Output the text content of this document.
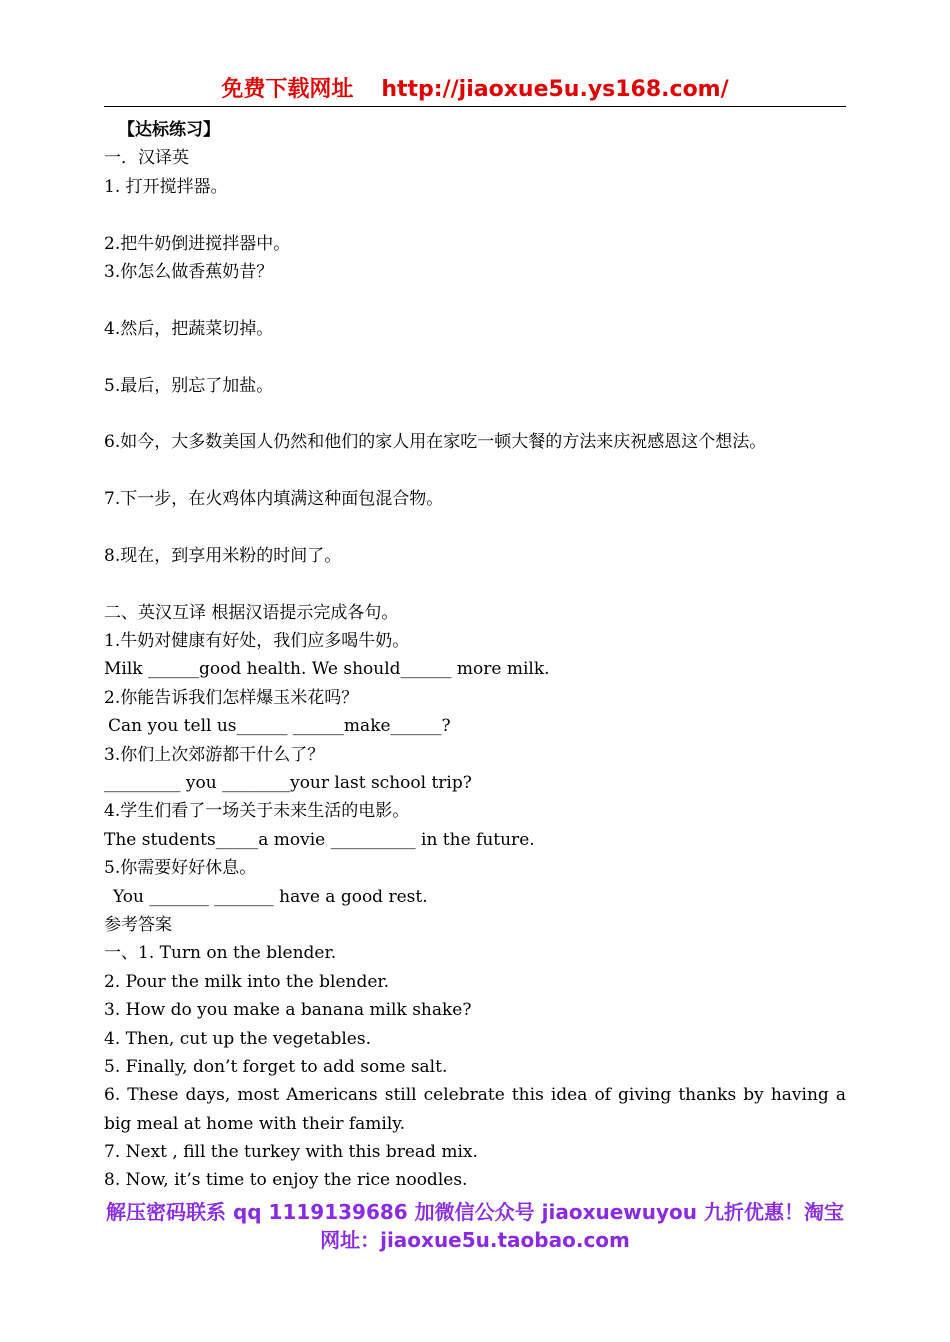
免费下载网址 http://jiaoxue5u.ys168.com/
【达标练习】
一．汉译英
1. 打开搅拌器。
2.把牛奶倒进搅拌器中。
3.你怎么做香蕉奶昔？
4.然后，把蔬菜切掉。
5.最后，别忘了加盐。
6.如今，大多数美国人仍然和他们的家人用在家吃一顿大餐的方法来庆祝感恩这个想法。
7.下一步，在火鸡体内填满这种面包混合物。
8.现在，到享用米粉的时间了。
二、英汉互译 根据汉语提示完成各句。
1.牛奶对健康有好处，我们应多喝牛奶。
Milk ______good health. We should______ more milk.
2.你能告诉我们怎样爆玉米花吗？
Can you tell us______ ______make______?
3.你们上次郊游都干什么了？
_________ you ________your last school trip?
4.学生们看了一场关于未来生活的电影。
The students_____a movie __________ in the future.
5.你需要好好休息。
You _______ _______ have a good rest.
参考答案
一、1. Turn on the blender.
2. Pour the milk into the blender.
3. How do you make a banana milk shake?
4. Then, cut up the vegetables.
5. Finally, don’t forget to add some salt.
6. These days, most Americans still celebrate this idea of giving thanks by having a big meal at home with their family.
7. Next , fill the turkey with this bread mix.
8. Now, it’s time to enjoy the rice noodles.
解压密码联系 qq 1119139686 加微信公众号 jiaoxuewuyou 九折优惠！淘宝网址：jiaoxue5u.taobao.com
